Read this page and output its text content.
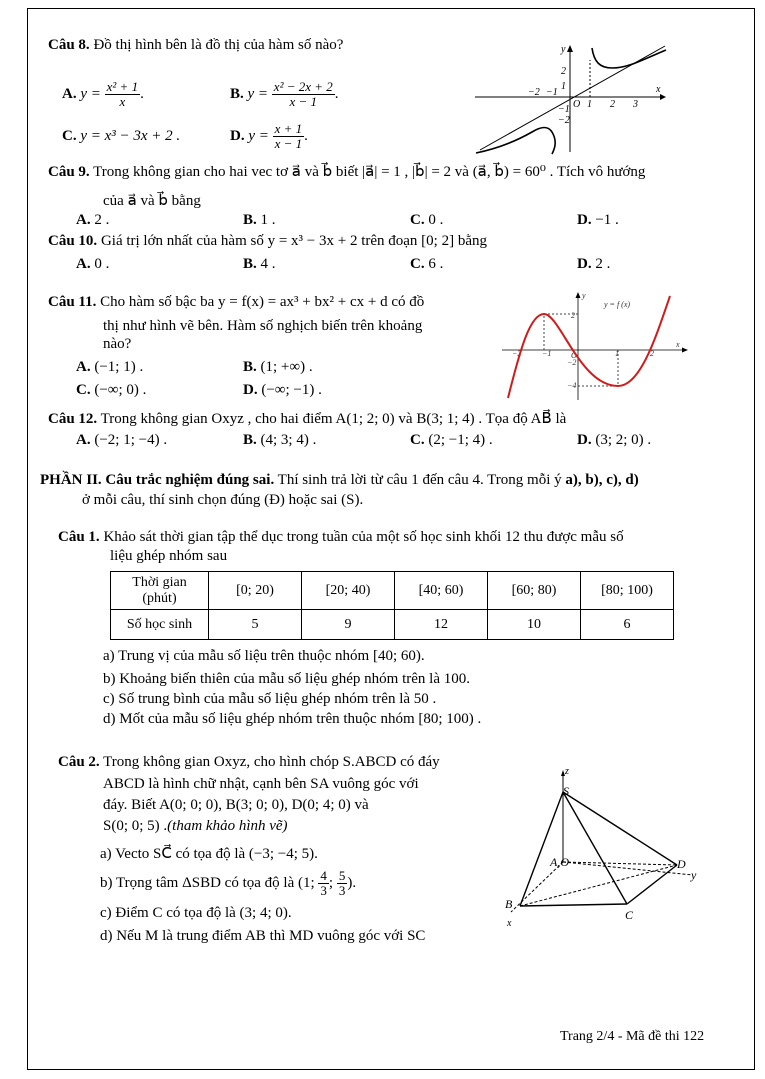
Câu 8. Đồ thị hình bên là đồ thị của hàm số nào?
A. $y = \frac{\text{x² + 1}}{x}$ .	B. $y = \frac{\text{x² − 2x + 2}}{x - 1}$ .
C. y = x³ − 3x + 2 .	D. $y = \frac{x + 1}{x - 1}$ .
y
x
2
1
−2 −1
O 1 2 3
−1
−2
Câu 9. Trong không gian cho hai vec tơ a⃗ và b⃗ biết |a⃗| = 1 , |b⃗| = 2 và (a⃗, b⃗) = 60⁰ . Tích vô hướng
của a⃗ và b⃗ bằng
A. 2 .	B. 1 .	C. 0 .	D. −1 .
Câu 10. Giá trị lớn nhất của hàm số y = x³ − 3x + 2 trên đoạn [0; 2] bằng
A. 0 .	B. 4 .	C. 6 .	D. 2 .
Câu 11. Cho hàm số bậc ba y = f(x) = ax³ + bx² + cx + d có đồ
thị như hình vẽ bên. Hàm số nghịch biến trên khoảng
nào?
A. (−1; 1) .	B. (1; +∞) .
C. (−∞; 0) .	D. (−∞; −1) .
y
y = f (x)
x
O
2
−2	−1	1	2
−2
−4
Câu 12. Trong không gian Oxyz , cho hai điểm A(1; 2; 0) và B(3; 1; 4) . Tọa độ AB⃗ là
A. (−2; 1; −4) .	B. (4; 3; 4) .	C. (2; −1; 4) .	D. (3; 2; 0) .
PHẦN II. Câu trắc nghiệm đúng sai. Thí sinh trả lời từ câu 1 đến câu 4. Trong mỗi ý a), b), c), d)
ở mỗi câu, thí sinh chọn đúng (Đ) hoặc sai (S).
Câu 1. Khảo sát thời gian tập thể dục trong tuần của một số học sinh khối 12 thu được mẫu số
liệu ghép nhóm sau
Thời gian
(phút)	[0; 20)	[20; 40)	[40; 60)	[60; 80)	[80; 100)
Số học sinh	5	9	12	10	6
a) Trung vị của mẫu số liệu trên thuộc nhóm [40; 60).
b) Khoảng biến thiên của mẫu số liệu ghép nhóm trên là 100.
c) Số trung bình của mẫu số liệu ghép nhóm trên là 50 .
d) Mốt của mẫu số liệu ghép nhóm trên thuộc nhóm [80; 100) .
Câu 2. Trong không gian Oxyz, cho hình chóp S.ABCD có đáy
ABCD là hình chữ nhật, cạnh bên SA vuông góc với
đáy. Biết A(0; 0; 0), B(3; 0; 0), D(0; 4; 0) và
S(0; 0; 5) .(tham khảo hình vẽ)
a) Vecto SC⃗ có tọa độ là (−3; −4; 5).
b) Trọng tâm ΔSBD có tọa độ là (1; $\frac{4}{3}$ ; $\frac{5}{3}$ ).
c) Điểm C có tọa độ là (3; 4; 0).
d) Nếu M là trung điểm AB thì MD vuông góc với SC
z
S
A,O	D
y
B
C
x
Trang 2/4 - Mã đề thi 122
